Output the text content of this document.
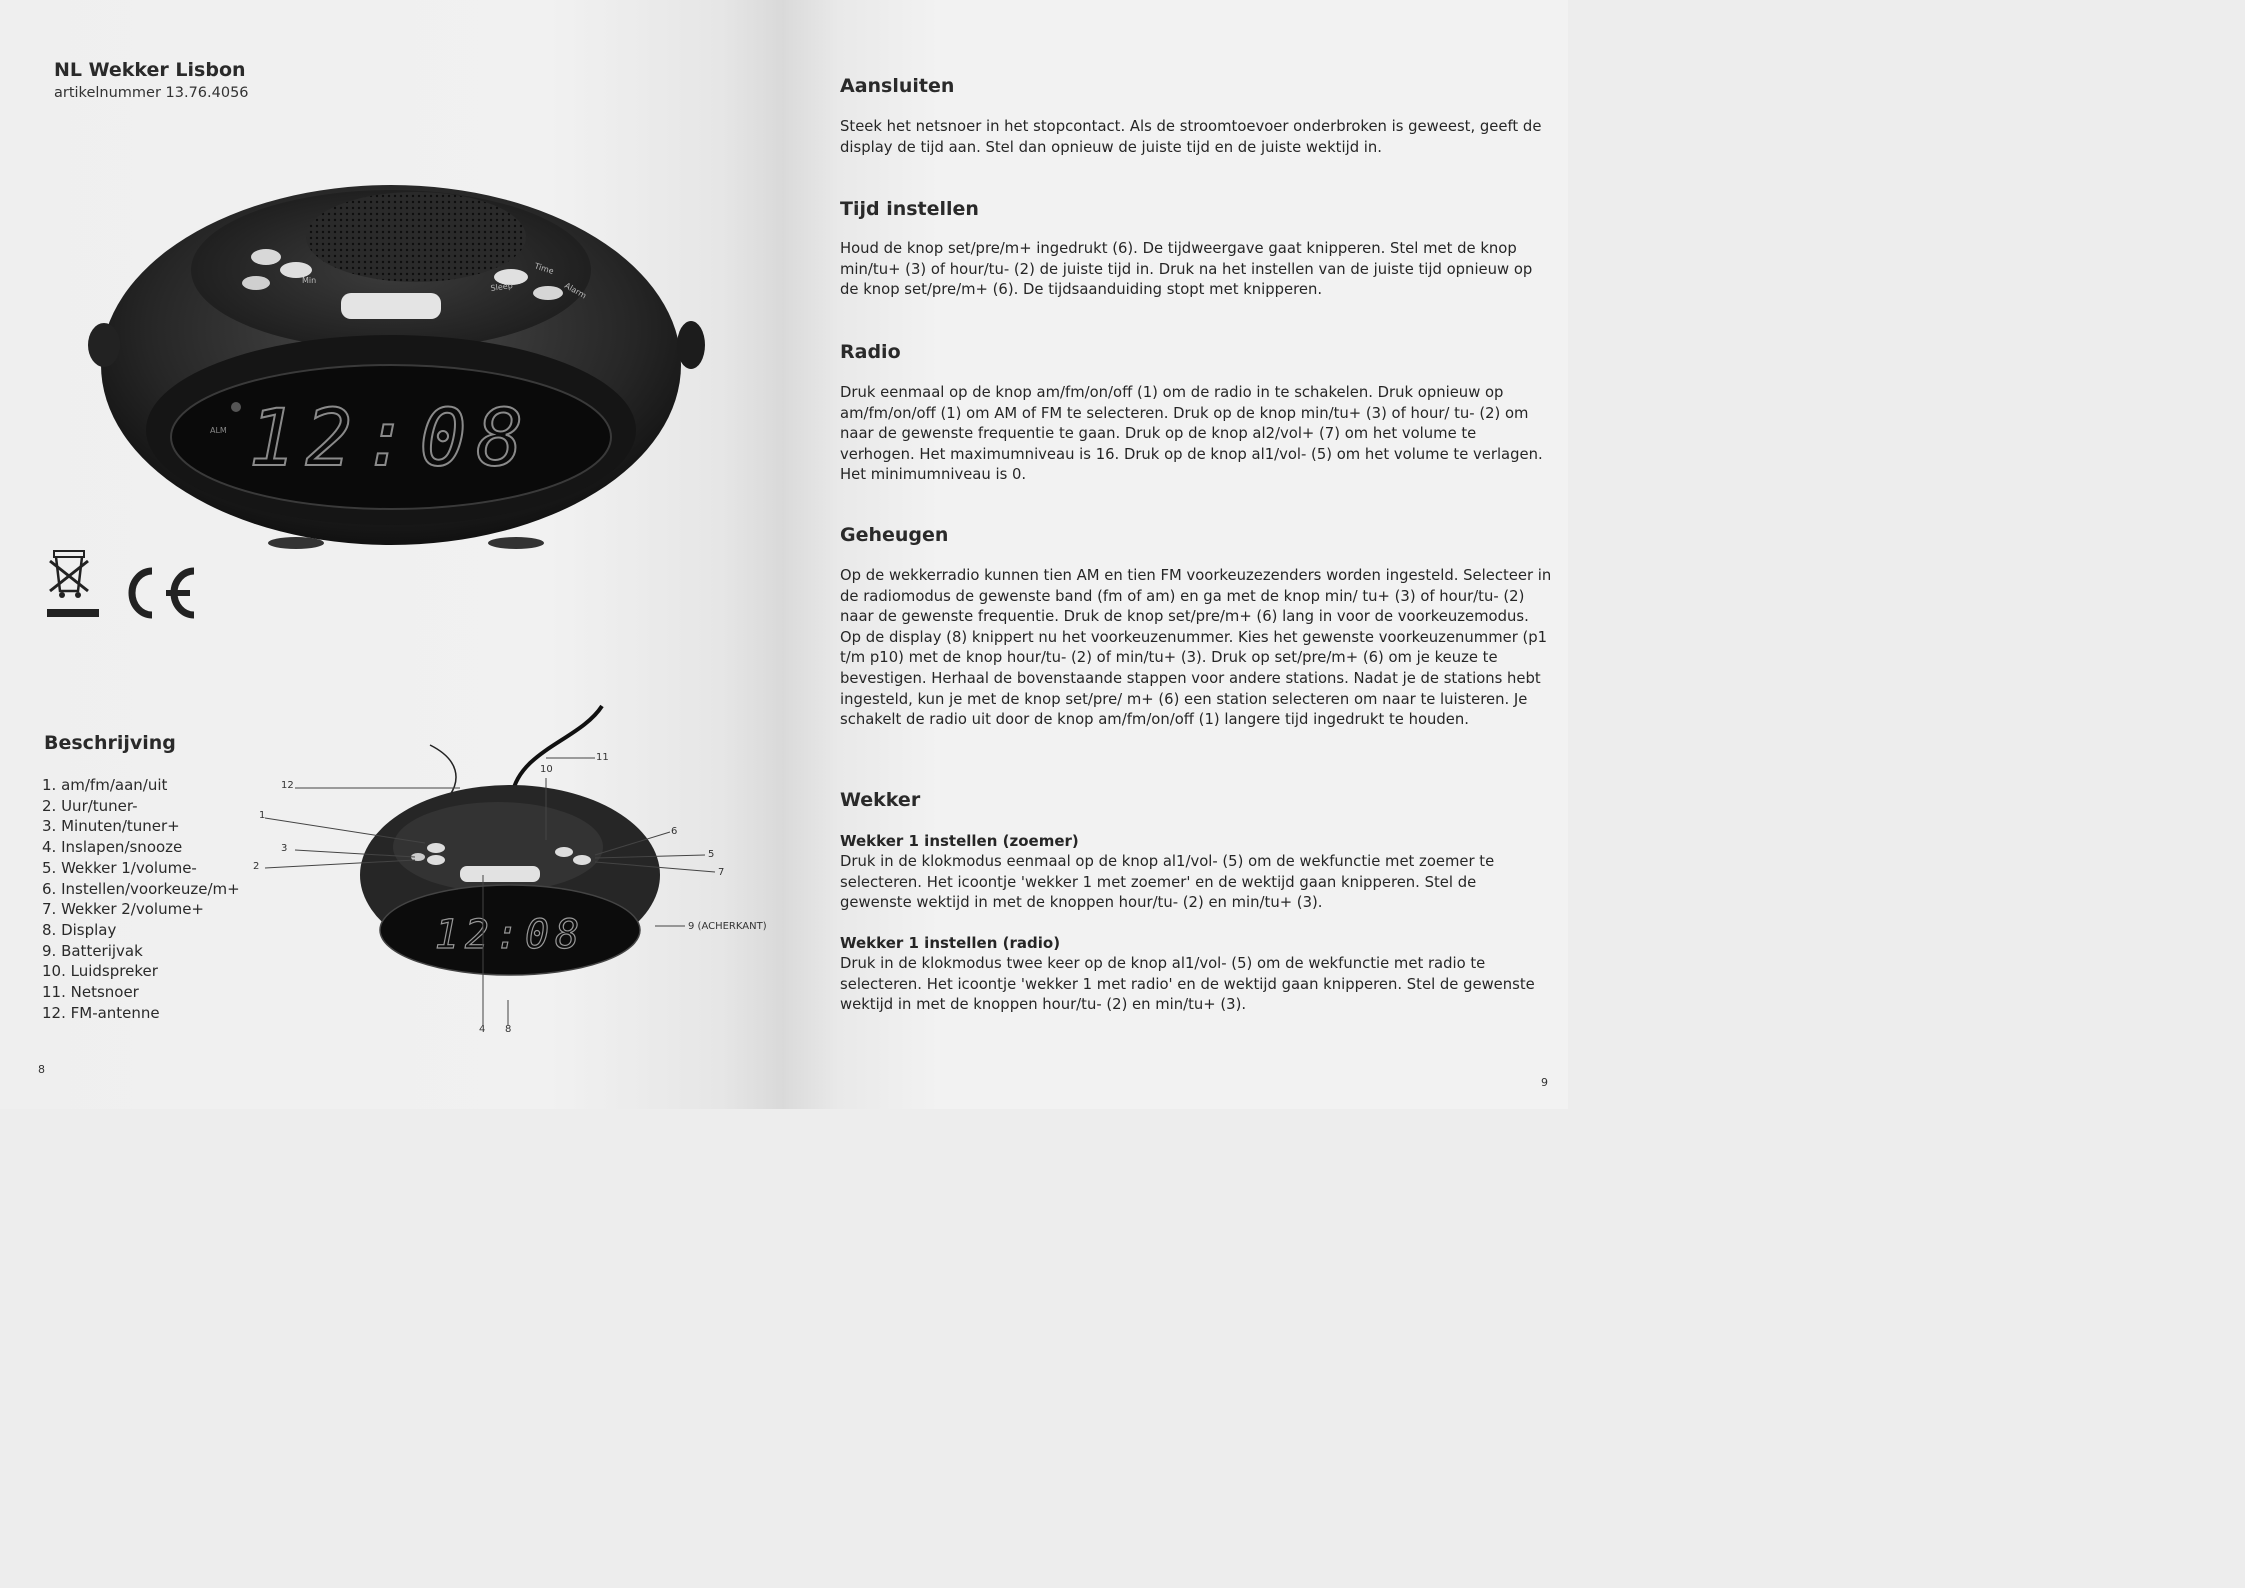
NL Wekker Lisbon
artikelnummer 13.76.4056
Min
Time
Sleep	Alarm
ALM 12:08
Beschrijving
1. am/fm/aan/uit
2. Uur/tuner-
3. Minuten/tuner+
4. Inslapen/snooze
5. Wekker 1/volume-
6. Instellen/voorkeuze/m+
7. Wekker 2/volume+
8. Display
9. Batterijvak
10. Luidspreker
11. Netsnoer
12. FM-antenne
12:08
12
1
3
2
10
11
6
5
7
9 (ACHERKANT)
4 8
8
Aansluiten

Steek het netsnoer in het stopcontact. Als de stroomtoevoer onderbroken is geweest, geeft de display de tijd aan. Stel dan opnieuw de juiste tijd en de juiste wektijd in.

Tijd instellen

Houd de knop set/pre/m+ ingedrukt (6). De tijdweergave gaat knipperen. Stel met de knop min/tu+ (3) of hour/tu- (2) de juiste tijd in. Druk na het instellen van de juiste tijd opnieuw op de knop set/pre/m+ (6). De tijdsaanduiding stopt met knipperen.

Radio

Druk eenmaal op de knop am/fm/on/off (1) om de radio in te schakelen. Druk opnieuw op am/fm/on/off (1) om AM of FM te selecteren. Druk op de knop min/tu+ (3) of hour/ tu- (2) om naar de gewenste frequentie te gaan. Druk op de knop al2/vol+ (7) om het volume te verhogen. Het maximumniveau is 16. Druk op de knop al1/vol- (5) om het volume te verlagen. Het minimumniveau is 0.

Geheugen

Op de wekkerradio kunnen tien AM en tien FM voorkeuzezenders worden ingesteld. Selecteer in de radiomodus de gewenste band (fm of am) en ga met de knop min/ tu+ (3) of hour/tu- (2) naar de gewenste frequentie. Druk de knop set/pre/m+ (6) lang in voor de voorkeuzemodus. Op de display (8) knippert nu het voorkeuzenummer. Kies het gewenste voorkeuzenummer (p1 t/m p10) met de knop hour/tu- (2) of min/tu+ (3). Druk op set/pre/m+ (6) om je keuze te bevestigen. Herhaal de bovenstaande stappen voor andere stations. Nadat je de stations hebt ingesteld, kun je met de knop set/pre/ m+ (6) een station selecteren om naar te luisteren. Je schakelt de radio uit door de knop am/fm/on/off (1) langere tijd ingedrukt te houden.

Wekker
Wekker 1 instellen (zoemer)

Druk in de klokmodus eenmaal op de knop al1/vol- (5) om de wekfunctie met zoemer te selecteren. Het icoontje 'wekker 1 met zoemer' en de wektijd gaan knipperen. Stel de gewenste wektijd in met de knoppen hour/tu- (2) en min/tu+ (3).

Wekker 1 instellen (radio)

Druk in de klokmodus twee keer op de knop al1/vol- (5) om de wekfunctie met radio te selecteren. Het icoontje 'wekker 1 met radio' en de wektijd gaan knipperen. Stel de gewenste wektijd in met de knoppen hour/tu- (2) en min/tu+ (3).

9
